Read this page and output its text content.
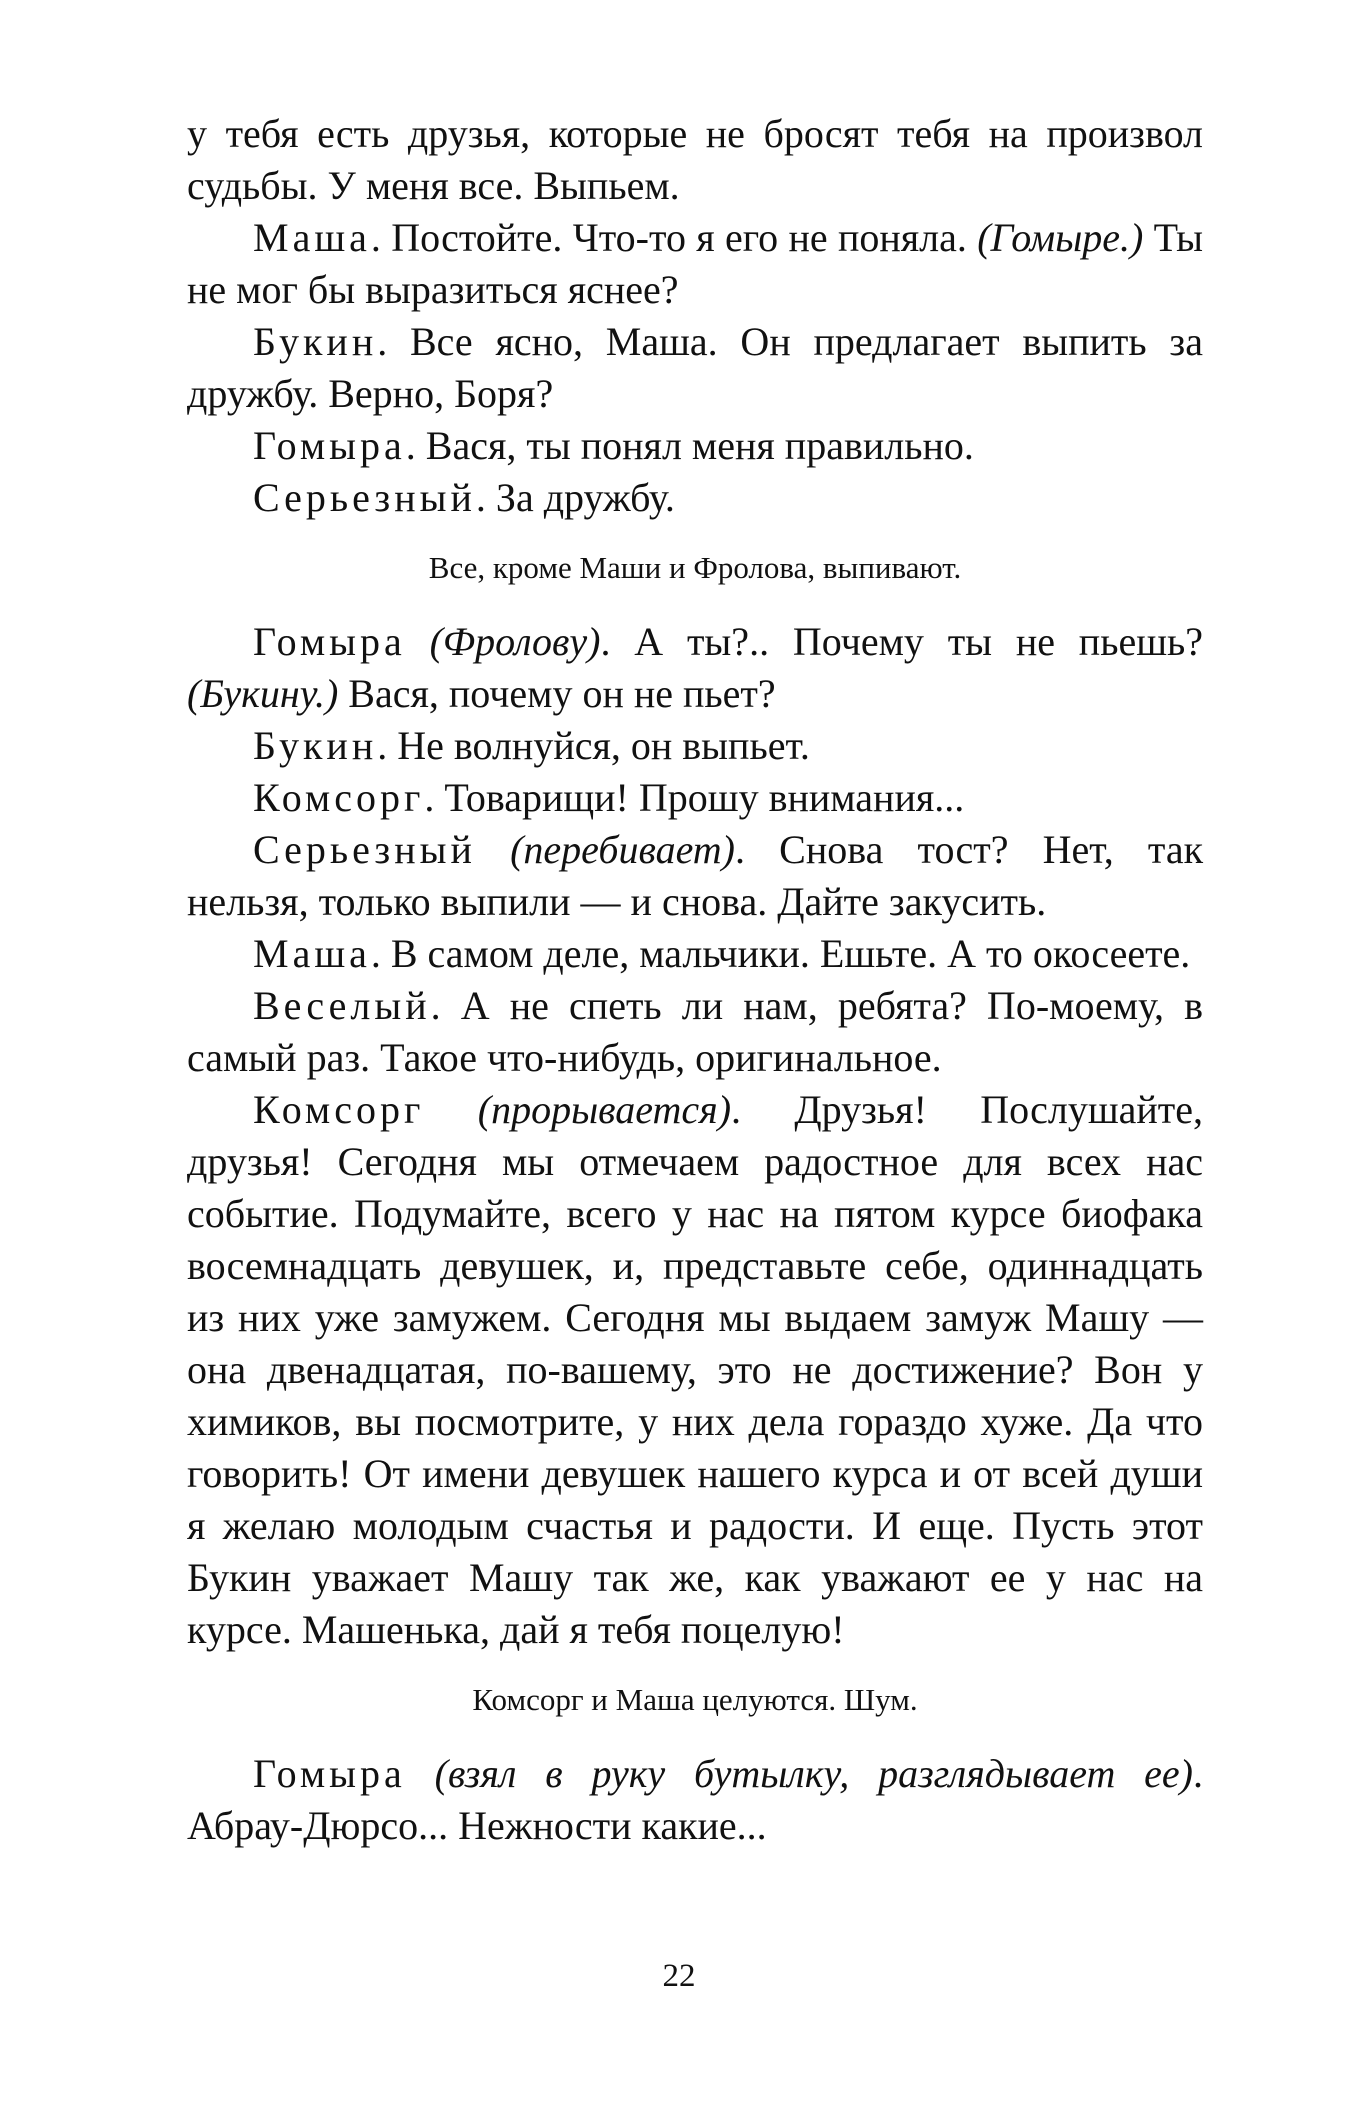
у тебя есть друзья, которые не бросят тебя на произвол судьбы. У меня все. Выпьем.

Маша. Постойте. Что-то я его не поняла. (Гомыре.) Ты не мог бы выразиться яснее?

Букин. Все ясно, Маша. Он предлагает выпить за дружбу. Верно, Боря?

Гомыра. Вася, ты понял меня правильно.

Серьезный. За дружбу.

Все, кроме Маши и Фролова, выпивают.

Гомыра (Фролову). А ты?.. Почему ты не пьешь? (Букину.) Вася, почему он не пьет?

Букин. Не волнуйся, он выпьет.

Комсорг. Товарищи! Прошу внимания...

Серьезный (перебивает). Снова тост? Нет, так нельзя, только выпили — и снова. Дайте закусить.

Маша. В самом деле, мальчики. Ешьте. А то окосеете.

Веселый. А не спеть ли нам, ребята? По-моему, в самый раз. Такое что-нибудь, оригинальное.

Комсорг (прорывается). Друзья! Послушайте, друзья! Сегодня мы отмечаем радостное для всех нас событие. Подумайте, всего у нас на пятом курсе биофака восемнадцать девушек, и, представьте себе, одиннадцать из них уже замужем. Сегодня мы выдаем замуж Машу — она двенадцатая, по-вашему, это не достижение? Вон у химиков, вы посмотрите, у них дела гораздо хуже. Да что говорить! От имени девушек нашего курса и от всей души я желаю молодым счастья и радости. И еще. Пусть этот Букин уважает Машу так же, как уважают ее у нас на курсе. Машенька, дай я тебя поцелую!

Комсорг и Маша целуются. Шум.

Гомыра (взял в руку бутылку, разглядывает ее). Абрау-Дюрсо... Нежности какие...

22
